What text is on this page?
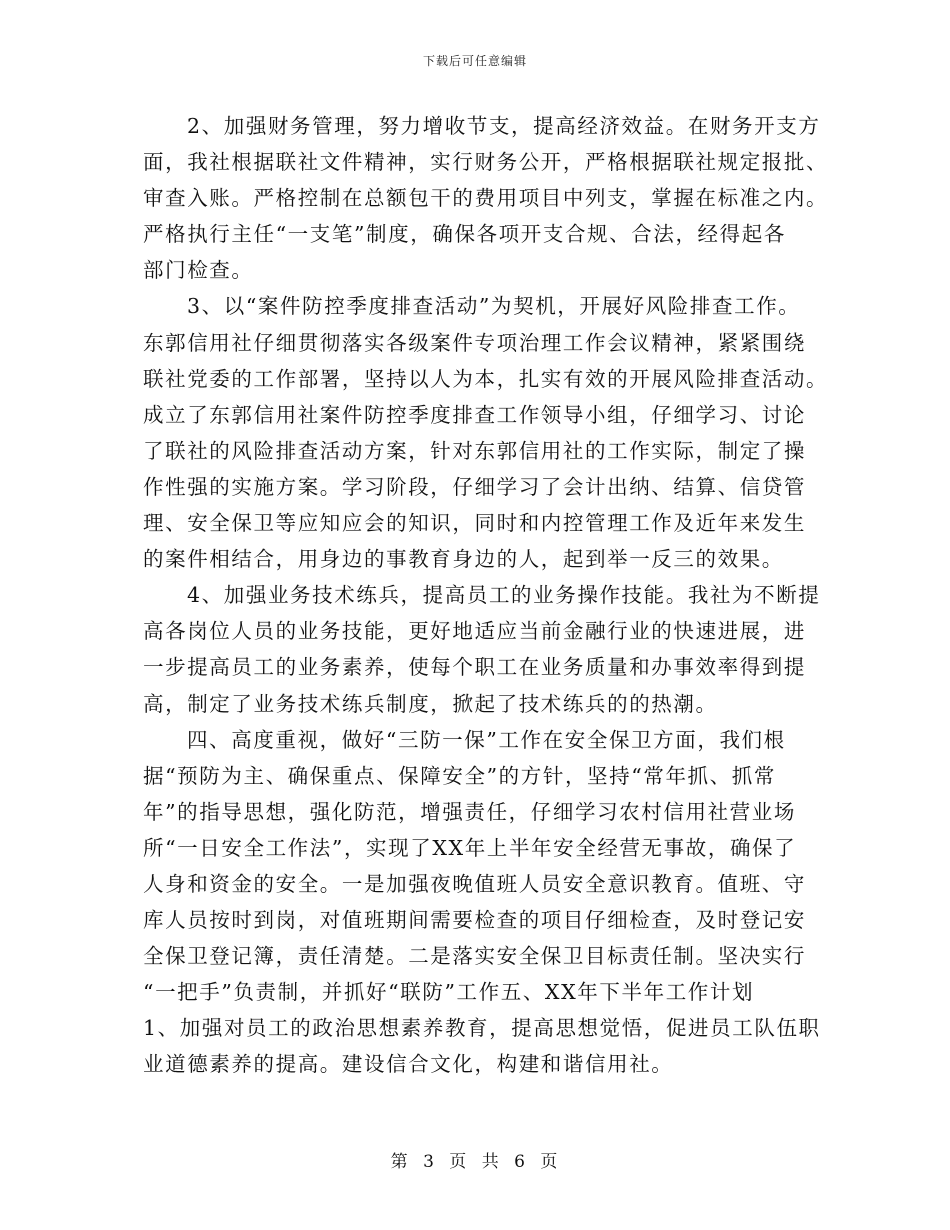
下载后可任意编辑
2、加强财务管理，努力增收节支，提高经济效益。在财务开支方
面，我社根据联社文件精神，实行财务公开，严格根据联社规定报批、
审查入账。严格控制在总额包干的费用项目中列支，掌握在标准之内。
严格执行主任“一支笔”制度，确保各项开支合规、合法，经得起各
部门检查。
3、以“案件防控季度排查活动”为契机，开展好风险排查工作。
东郭信用社仔细贯彻落实各级案件专项治理工作会议精神，紧紧围绕
联社党委的工作部署，坚持以人为本，扎实有效的开展风险排查活动。
成立了东郭信用社案件防控季度排查工作领导小组，仔细学习、讨论
了联社的风险排查活动方案，针对东郭信用社的工作实际，制定了操
作性强的实施方案。学习阶段，仔细学习了会计出纳、结算、信贷管
理、安全保卫等应知应会的知识，同时和内控管理工作及近年来发生
的案件相结合，用身边的事教育身边的人，起到举一反三的效果。
4、加强业务技术练兵，提高员工的业务操作技能。我社为不断提
高各岗位人员的业务技能，更好地适应当前金融行业的快速进展，进
一步提高员工的业务素养，使每个职工在业务质量和办事效率得到提
高，制定了业务技术练兵制度，掀起了技术练兵的的热潮。
四、高度重视，做好“三防一保”工作在安全保卫方面，我们根
据“预防为主、确保重点、保障安全”的方针，坚持“常年抓、抓常
年”的指导思想，强化防范，增强责任，仔细学习农村信用社营业场
所“一日安全工作法”，实现了XX年上半年安全经营无事故，确保了
人身和资金的安全。一是加强夜晚值班人员安全意识教育。值班、守
库人员按时到岗，对值班期间需要检查的项目仔细检查，及时登记安
全保卫登记簿，责任清楚。二是落实安全保卫目标责任制。坚决实行
“一把手”负责制，并抓好“联防”工作五、XX年下半年工作计划
1、加强对员工的政治思想素养教育，提高思想觉悟，促进员工队伍职
业道德素养的提高。建设信合文化，构建和谐信用社。
第 3 页 共 6 页
